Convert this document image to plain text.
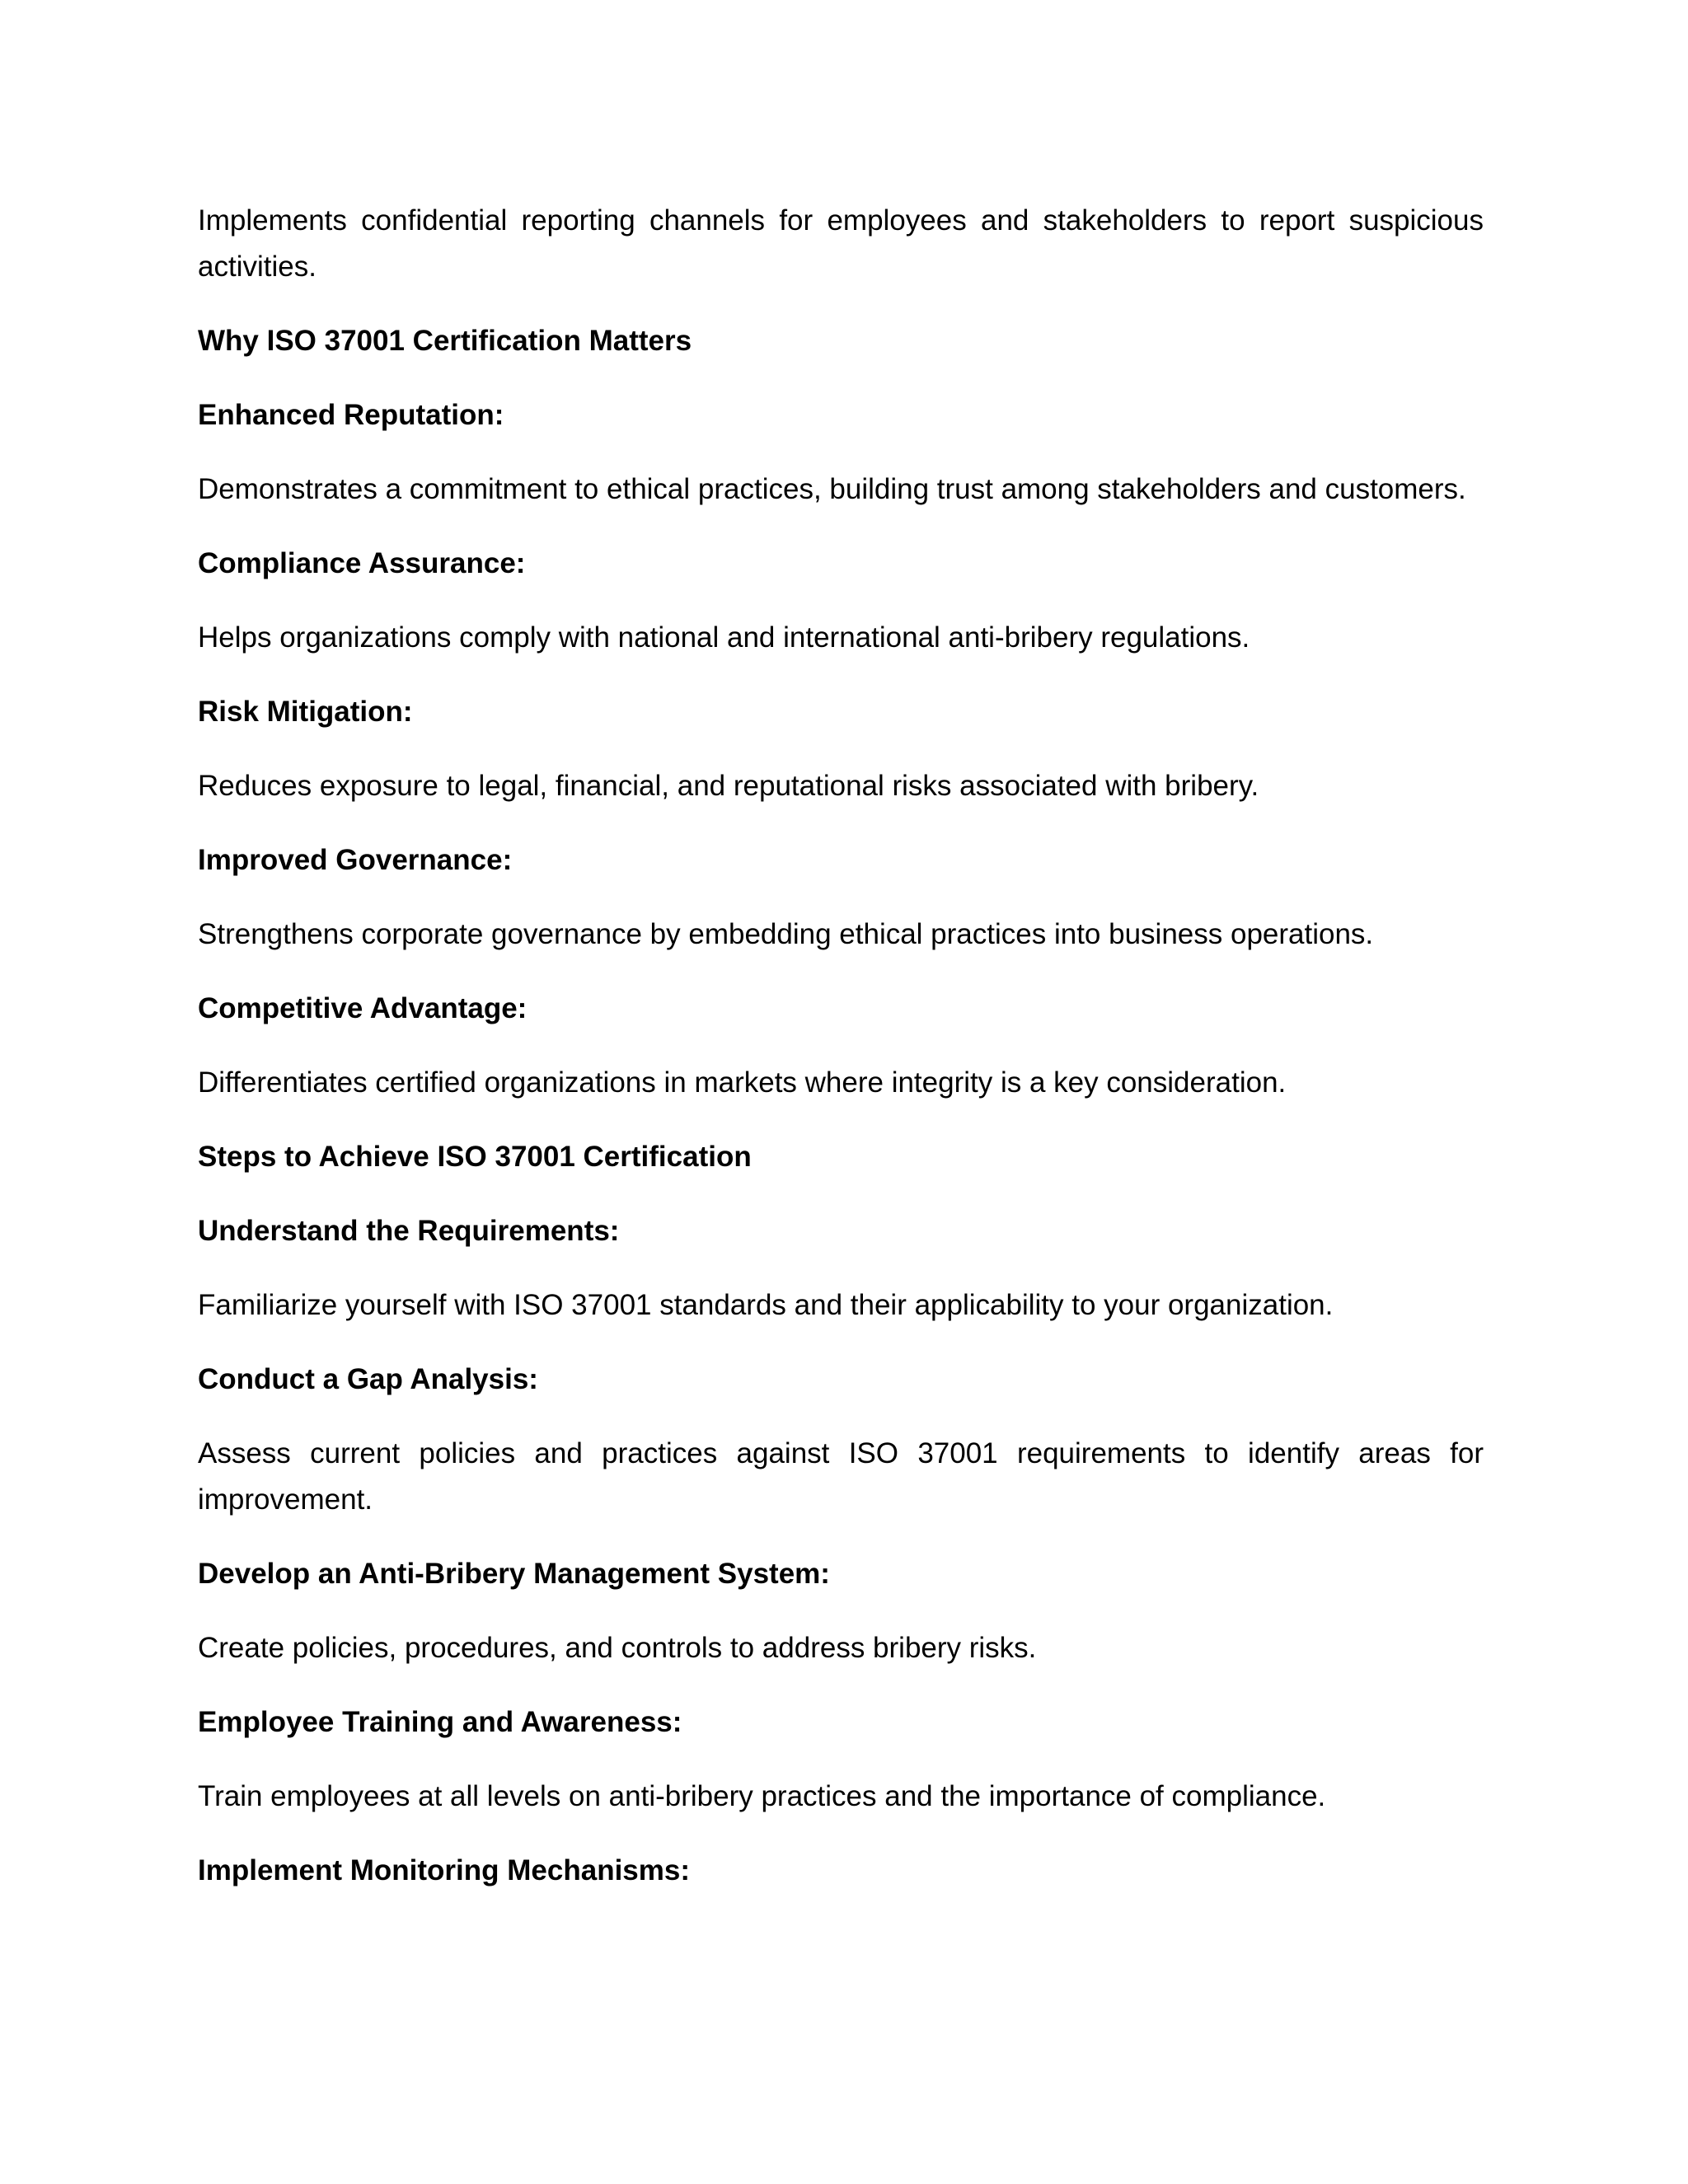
Implements confidential reporting channels for employees and stakeholders to report suspicious activities.

Why ISO 37001 Certification Matters

Enhanced Reputation:

Demonstrates a commitment to ethical practices, building trust among stakeholders and customers.

Compliance Assurance:

Helps organizations comply with national and international anti-bribery regulations.

Risk Mitigation:

Reduces exposure to legal, financial, and reputational risks associated with bribery.

Improved Governance:

Strengthens corporate governance by embedding ethical practices into business operations.

Competitive Advantage:

Differentiates certified organizations in markets where integrity is a key consideration.

Steps to Achieve ISO 37001 Certification

Understand the Requirements:

Familiarize yourself with ISO 37001 standards and their applicability to your organization.

Conduct a Gap Analysis:

Assess current policies and practices against ISO 37001 requirements to identify areas for improvement.

Develop an Anti-Bribery Management System:

Create policies, procedures, and controls to address bribery risks.

Employee Training and Awareness:

Train employees at all levels on anti-bribery practices and the importance of compliance.

Implement Monitoring Mechanisms:
